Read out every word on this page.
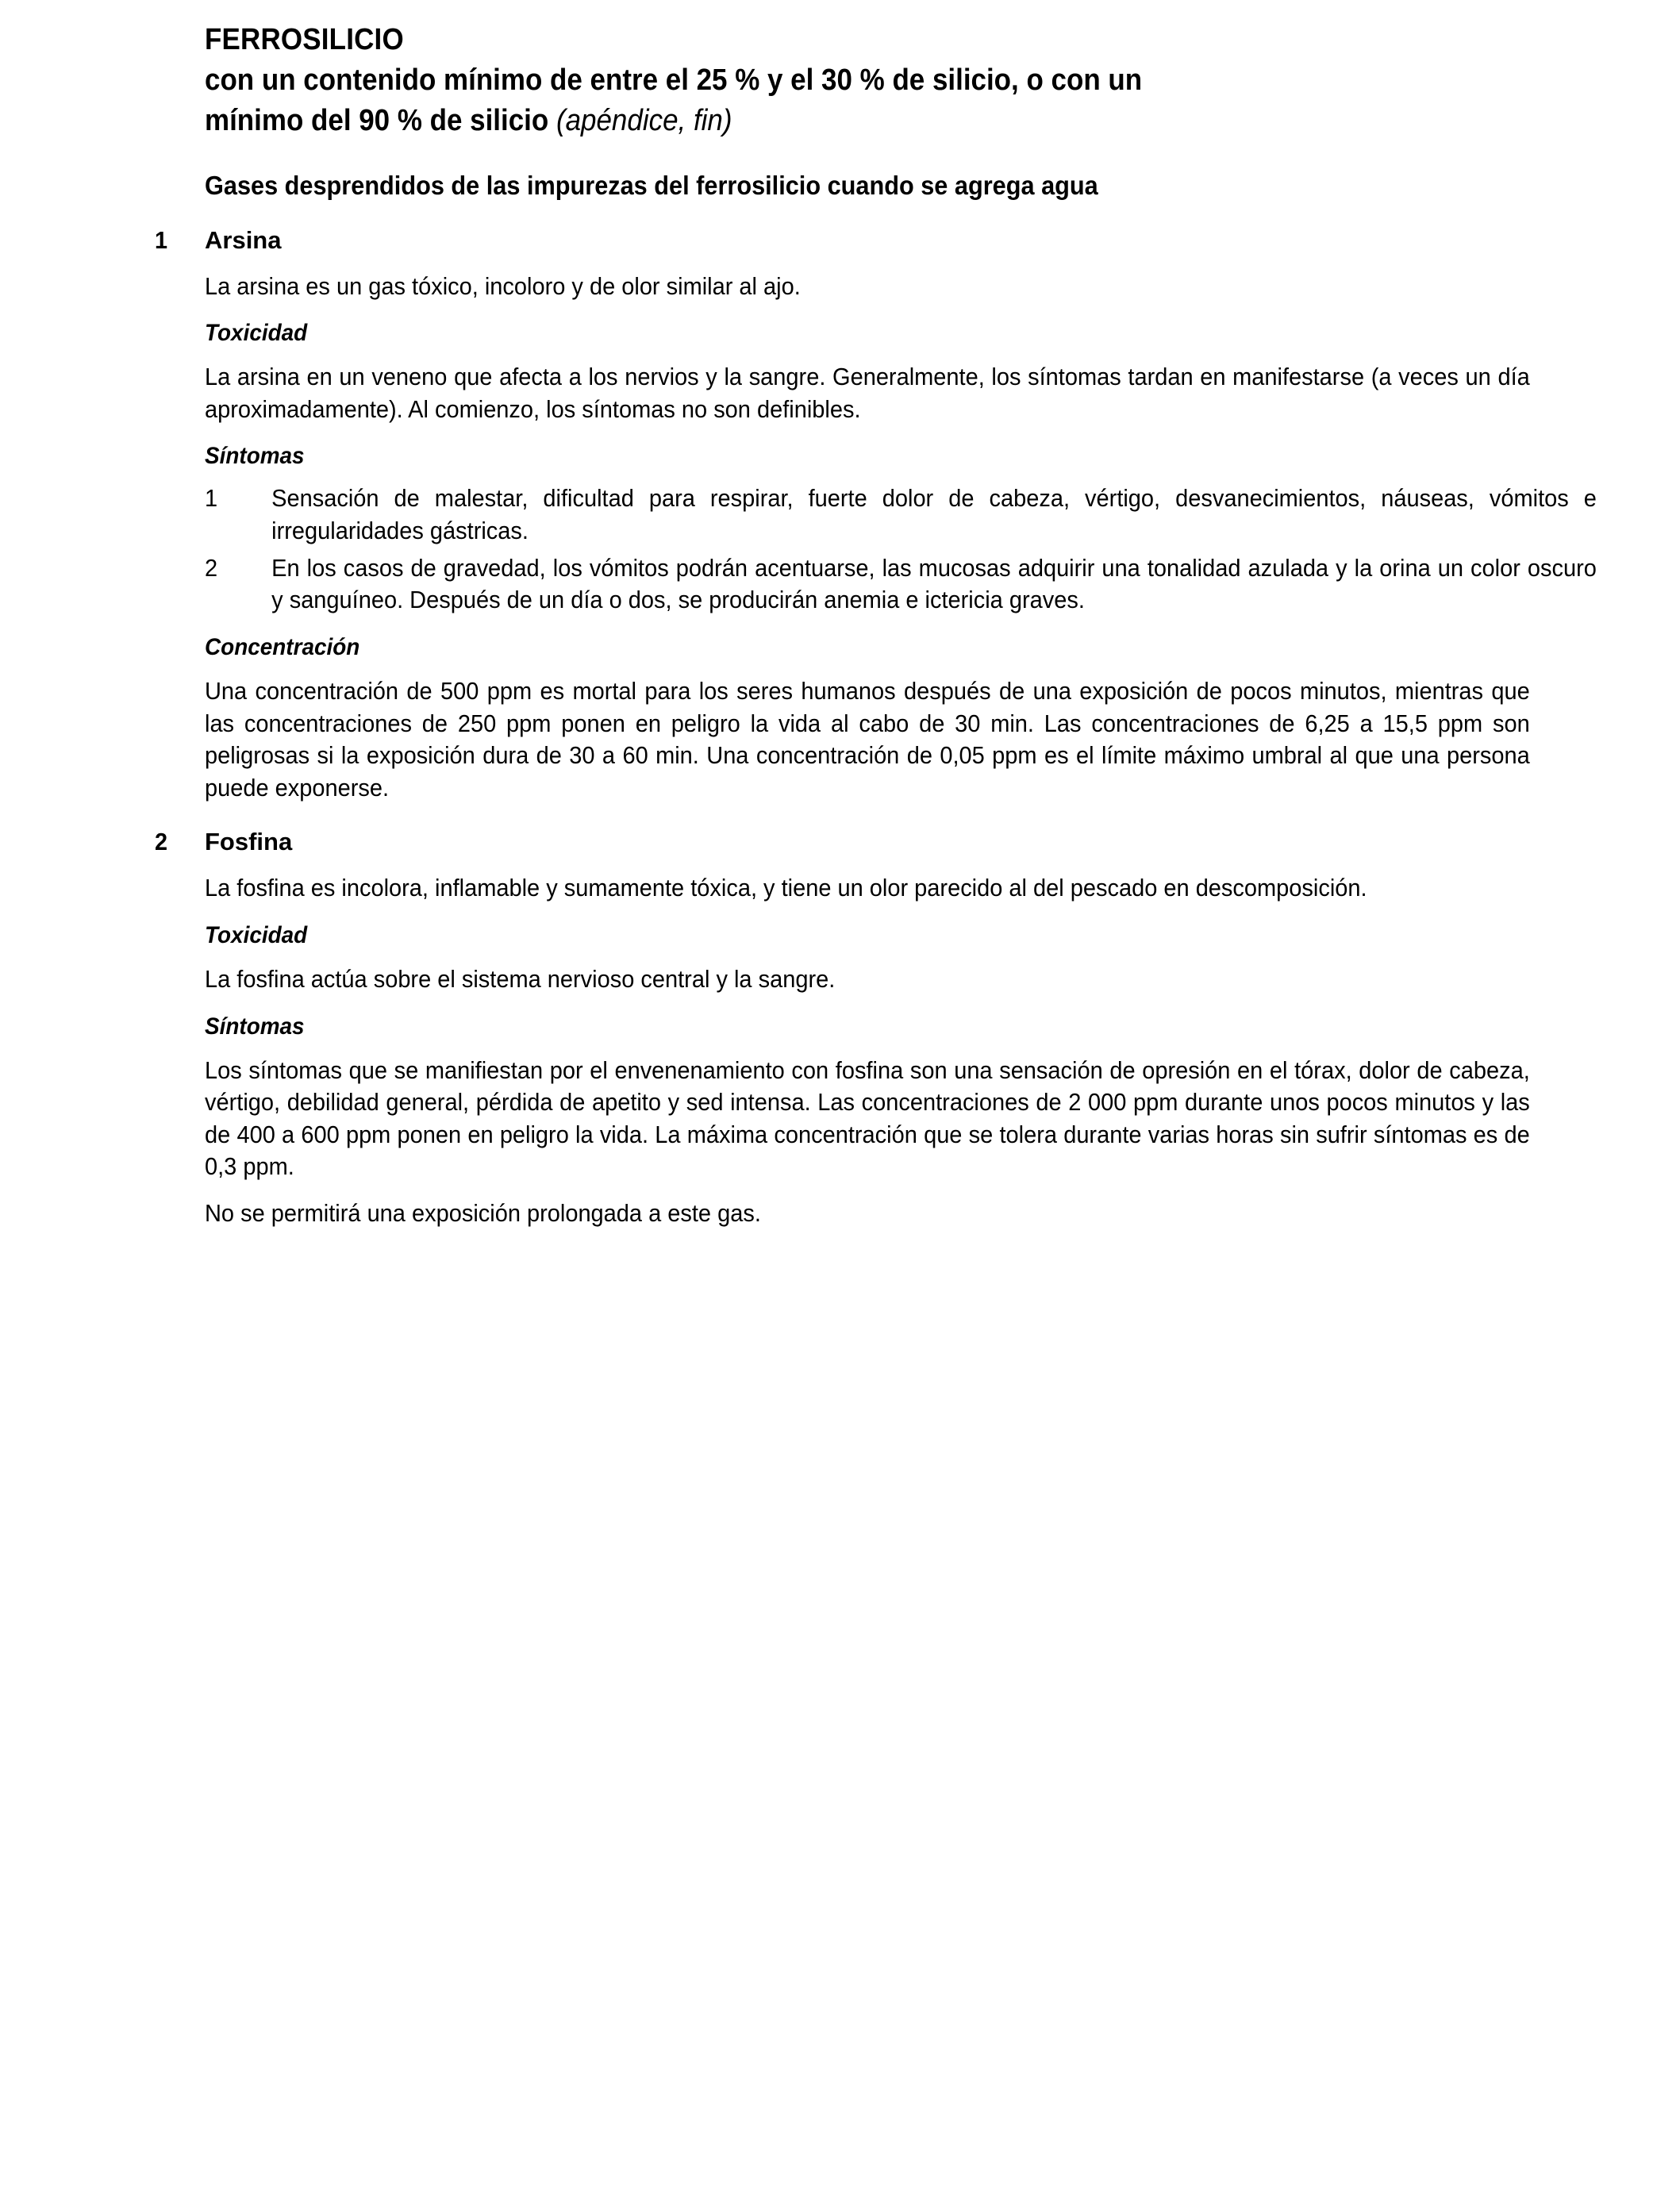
FERROSILICIO
con un contenido mínimo de entre el 25 % y el 30 % de silicio, o con un
mínimo del 90 % de silicio (apéndice, fin)
Gases desprendidos de las impurezas del ferrosilicio cuando se agrega agua
1	Arsina

La arsina es un gas tóxico, incoloro y de olor similar al ajo.

Toxicidad

La arsina en un veneno que afecta a los nervios y la sangre. Generalmente, los síntomas tardan en manifestarse (a veces un día aproximadamente). Al comienzo, los síntomas no son definibles.

Síntomas
1	Sensación de malestar, dificultad para respirar, fuerte dolor de cabeza, vértigo, desvanecimientos, náuseas, vómitos e irregularidades gástricas.
2	En los casos de gravedad, los vómitos podrán acentuarse, las mucosas adquirir una tonalidad azulada y la orina un color oscuro y sanguíneo. Después de un día o dos, se producirán anemia e ictericia graves.
Concentración

Una concentración de 500 ppm es mortal para los seres humanos después de una exposición de pocos minutos, mientras que las concentraciones de 250 ppm ponen en peligro la vida al cabo de 30 min. Las concentraciones de 6,25 a 15,5 ppm son peligrosas si la exposición dura de 30 a 60 min. Una concentración de 0,05 ppm es el límite máximo umbral al que una persona puede exponerse.

2	Fosfina

La fosfina es incolora, inflamable y sumamente tóxica, y tiene un olor parecido al del pescado en descomposición.

Toxicidad

La fosfina actúa sobre el sistema nervioso central y la sangre.

Síntomas

Los síntomas que se manifiestan por el envenenamiento con fosfina son una sensación de opresión en el tórax, dolor de cabeza, vértigo, debilidad general, pérdida de apetito y sed intensa. Las concentraciones de 2 000 ppm durante unos pocos minutos y las de 400 a 600 ppm ponen en peligro la vida. La máxima concentración que se tolera durante varias horas sin sufrir síntomas es de 0,3 ppm.

No se permitirá una exposición prolongada a este gas.
